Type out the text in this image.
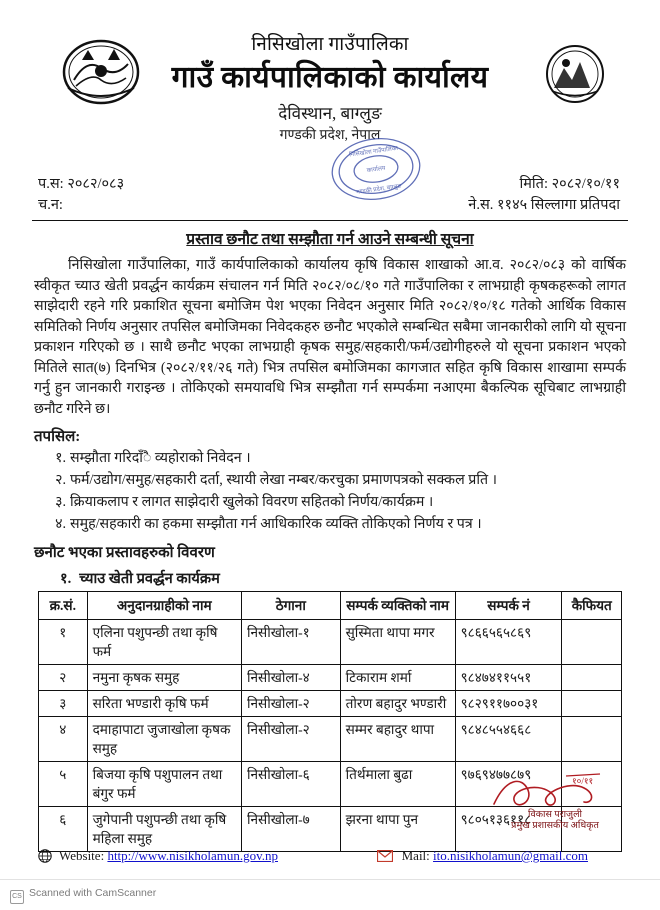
निसिखोला गाउँपालिका
गाउँ कार्यपालिकाको कार्यालय
देविस्थान, बाग्लुङ
गण्डकी प्रदेश, नेपाल
निसिखोला गाउँपालिका
कार्यालय
गण्डकी प्रदेश, बाग्लुङ
प.स: २०८२/०८३
च.न:
मिति: २०८२/१०/११
ने.स. ११४५ सिल्लागा प्रतिपदा
प्रस्ताव छनौट तथा सम्झौता गर्न आउने सम्बन्धी सूचना

निसिखोला गाउँपालिका, गाउँ कार्यपालिकाको कार्यालय कृषि विकास शाखाको आ.व. २०८२/०८३ को वार्षिक स्वीकृत च्याउ खेती प्रवर्द्धन कार्यक्रम संचालन गर्न मिति २०८२/०८/१० गते गाउँपालिका र लाभग्राही कृषकहरूको लागत साझेदारी रहने गरि प्रकाशित सूचना बमोजिम पेश भएका निवेदन अनुसार मिति २०८२/१०/१८ गतेको आर्थिक विकास समितिको निर्णय अनुसार तपसिल बमोजिमका निवेदकहरु छनौट भएकोले सम्बन्धित सबैमा जानकारीको लागि यो सूचना प्रकाशन गरिएको छ । साथै छनौट भएका लाभग्राही कृषक समुह/सहकारी/फर्म/उद्योगीहरुले यो सूचना प्रकाशन भएको मितिले सात(७) दिनभित्र (२०८२/११/२६ गते) भित्र तपसिल बमोजिमका कागजात सहित कृषि विकास शाखामा सम्पर्क गर्नु हुन जानकारी गराइन्छ । तोकिएको समयावधि भित्र सम्झौता गर्न सम्पर्कमा नआएमा बैकल्पिक सूचिबाट लाभग्राही छनौट गरिने छ।

तपसिल:
१. सम्झौता गरिदाँै व्यहोराको निवेदन ।
२. फर्म/उद्योग/समुह/सहकारी दर्ता, स्थायी लेखा नम्बर/करचुका प्रमाणपत्रको सक्कल प्रति ।
३. क्रियाकलाप र लागत साझेदारी खुलेको विवरण सहितको निर्णय/कार्यक्रम ।
४. समुह/सहकारी का हकमा सम्झौता गर्न आधिकारिक व्यक्ति तोकिएको निर्णय र पत्र ।
छनौट भएका प्रस्तावहरुको विवरण
१. च्याउ खेती प्रवर्द्धन कार्यक्रम
क्र.सं.	अनुदानग्राहीको नाम	ठेगाना	सम्पर्क व्यक्तिको नाम	सम्पर्क नं	कैफियत
१	एलिना पशुपन्छी तथा कृषि फर्म	निसीखोला-१	सुस्मिता थापा मगर	९८६६५६५८६९	
२	नमुना कृषक समुह	निसीखोला-४	टिकाराम शर्मा	९८४७४११५५१	
३	सरिता भण्डारी कृषि फर्म	निसीखोला-२	तोरण बहादुर भण्डारी	९८२९११७००३१	
४	दमाहापाटा जुजाखोला कृषक समुह	निसीखोला-२	सम्मर बहादुर थापा	९८४८५५४६६८	
५	बिजया कृषि पशुपालन तथा बंगुर फर्म	निसीखोला-६	तिर्थमाला बुढा	९७६९४७७८७९	
६	जुगेपानी पशुपन्छी तथा कृषि महिला समुह	निसीखोला-७	झरना थापा पुन	९८०५१३६११८	
१०/११
विकास पराजुली
प्रमुख प्रशासकीय अधिकृत
Website: http://www.nisikholamun.gov.np	Mail: ito.nisikholamun@gmail.com
CS Scanned with CamScanner
